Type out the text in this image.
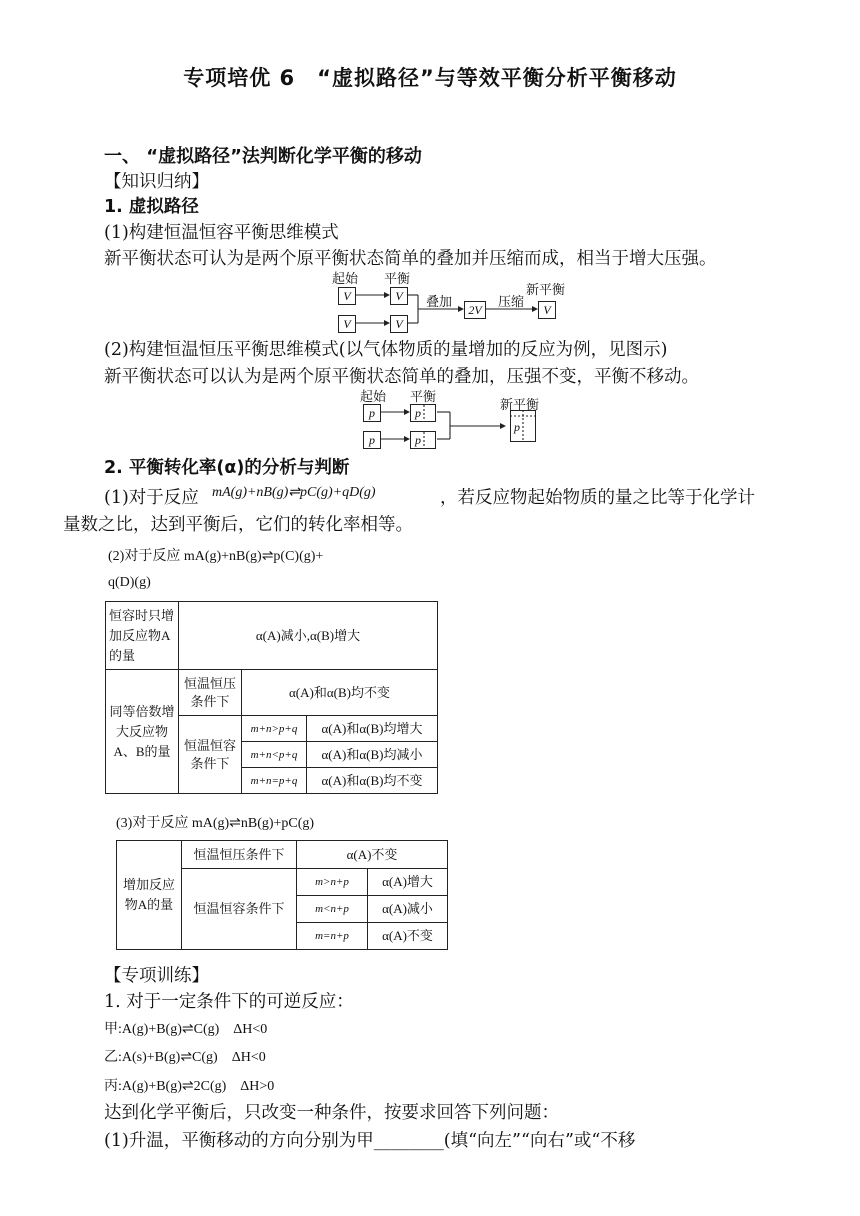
专项培优 6　“虚拟路径”与等效平衡分析平衡移动
一、 “虚拟路径”法判断化学平衡的移动
【知识归纳】
1. 虚拟路径
(1)构建恒温恒容平衡思维模式
新平衡状态可认为是两个原平衡状态简单的叠加并压缩而成，相当于增大压强。
起始 平衡
新平衡
叠加	压缩
V
V
V
V
2V	V
(2)构建恒温恒压平衡思维模式(以气体物质的量增加的反应为例，见图示)
新平衡状态可以认为是两个原平衡状态简单的叠加，压强不变，平衡不移动。
起始 平衡
新平衡
p
p
p
p
p
2. 平衡转化率(α)的分析与判断
(1)对于反应 mA(g)+nB(g)⇌pC(g)+qD(g)	，若反应物起始物质的量之比等于化学计
量数之比，达到平衡后，它们的转化率相等。
(2)对于反应 mA(g)+nB(g)⇌p(C)(g)+
q(D)(g)
恒容时只增加反应物A的量	α(A)减小,α(B)增大		
同等倍数增大反应物A、B的量	恒温恒压条件下	α(A)和α(B)均不变	
	恒温恒容条件下	m+n>p+q	α(A)和α(B)均增大
		m+n<p+q	α(A)和α(B)均减小
		m+n=p+q	α(A)和α(B)均不变
(3)对于反应 mA(g)⇌nB(g)+pC(g)
增加反应物A的量	恒温恒压条件下	α(A)不变	
	恒温恒容条件下	m>n+p	α(A)增大
		m<n+p	α(A)减小
		m=n+p	α(A)不变
【专项训练】
1. 对于一定条件下的可逆反应：
甲:A(g)+B(g)⇌C(g)　ΔH<0
乙:A(s)+B(g)⇌C(g)　ΔH<0
丙:A(g)+B(g)⇌2C(g)　ΔH>0
达到化学平衡后，只改变一种条件，按要求回答下列问题：
(1)升温，平衡移动的方向分别为甲________(填“向左”“向右”或“不移
